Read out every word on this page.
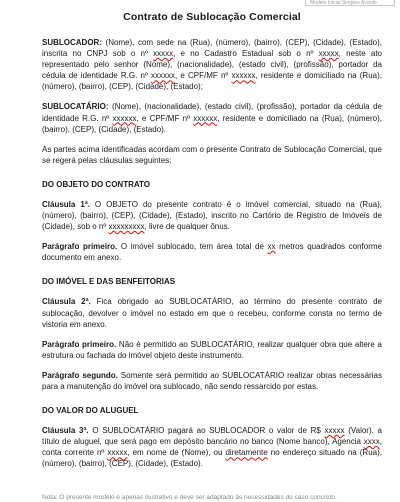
Modelo Inicial Simples Acordo
Contrato de Sublocação Comercial

SUBLOCADOR: (Nome), com sede na (Rua), (número), (bairro), (CEP), (Cidade), (Estado), inscrita no CNPJ sob o nº xxxxx, e no Cadastro Estadual sob o nº xxxxx, neste ato representado pelo senhor (Nome), (nacionalidade), (estado civil), (profissão), portador da cédula de identidade R.G. nº xxxxxx, e CPF/MF nº xxxxxx, residente e domiciliado na (Rua), (número), (bairro), (CEP), (Cidade), (Estado);

SUBLOCATÁRIO: (Nome), (nacionalidade), (estado civil), (profissão), portador da cédula de identidade R.G. nº xxxxxx, e CPF/MF nº xxxxxx, residente e domiciliado na (Rua), (número), (bairro), (CEP), (Cidade), (Estado).

As partes acima identificadas acordam com o presente Contrato de Sublocação Comercial, que se regerá pelas cláusulas seguintes:

DO OBJETO DO CONTRATO

Cláusula 1ª. O OBJETO do presente contrato é o imóvel comercial, situado na (Rua), (número), (bairro), (CEP), (Cidade), (Estado), inscrito no Cartório de Registro de Imóveis de (Cidade), sob o nº xxxxxxxxx, livre de qualquer ônus.

Parágrafo primeiro. O imóvel sublocado, tem área total de xx metros quadrados conforme documento em anexo.

DO IMÓVEL E DAS BENFEITORIAS

Cláusula 2ª. Fica obrigado ao SUBLOCATÁRIO, ao término do presente contrato de sublocação, devolver o imóvel no estado em que o recebeu, conforme consta no termo de vistoria em anexo.

Parágrafo primeiro. Não é permitido ao SUBLOCATÁRIO, realizar qualquer obra que altere a estrutura ou fachada do imóvel objeto deste instrumento.

Parágrafo segundo. Somente será permitido ao SUBLOCATÁRIO realizar obras necessárias para a manutenção do imóvel ora sublocado, não sendo ressarcido por estas.

DO VALOR DO ALUGUEL

Cláusula 3ª. O SUBLOCATÁRIO pagará ao SUBLOCADOR o valor de R$ xxxxx (Valor), a título de aluguel, que será pago em depósito bancário no banco (Nome banco), Agencia xxxx, conta corrente nº xxxxx, em nome de (Nome), ou diretamente no endereço situado na (Rua), (número), (bairro), (CEP), (Cidade), (Estado).

Nota: O presente modelo é apenas ilustrativo e deve ser adaptado às necessidades do caso concreto.
